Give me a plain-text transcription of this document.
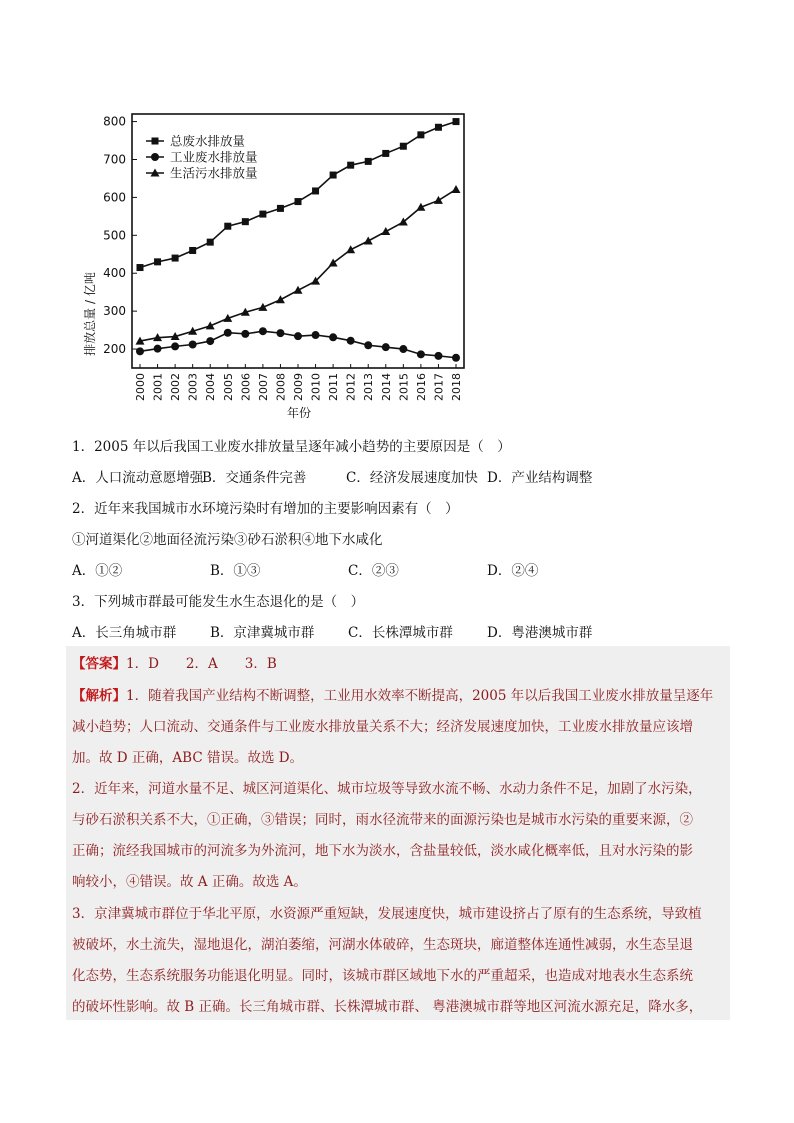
200
300
400
500
600
700
800
2000 2001 2002 2003 2004 2005 2006 2007 2008 2009 2010 2011 2012 2013 2014 2015 2016 2017 2018
总废水排放量
工业废水排放量
生活污水排放量
排放总量 / 亿吨
年份
1．2005 年以后我国工业废水排放量呈逐年减小趋势的主要原因是（　）
A．人口流动意愿增强
B．交通条件完善	C．经济发展速度加快 D．产业结构调整
2．近年来我国城市水环境污染时有增加的主要影响因素有（　）
①河道渠化②地面径流污染③砂石淤积④地下水咸化
A．①②	B．①③	C．②③	D．②④
3．下列城市群最可能发生水生态退化的是（　）
A．长三角城市群	B．京津冀城市群 C．长株潭城市群	D．粤港澳城市群
【答案】1．D　　2．A　　3．B
【解析】1．随着我国产业结构不断调整，工业用水效率不断提高，2005 年以后我国工业废水排放量呈逐年
减小趋势；人口流动、交通条件与工业废水排放量关系不大；经济发展速度加快，工业废水排放量应该增
加。故 D 正确，ABC 错误。故选 D。
2．近年来，河道水量不足、城区河道渠化、城市垃圾等导致水流不畅、水动力条件不足，加剧了水污染，
与砂石淤积关系不大，①正确，③错误；同时，雨水径流带来的面源污染也是城市水污染的重要来源，②
正确；流经我国城市的河流多为外流河，地下水为淡水，含盐量较低，淡水咸化概率低，且对水污染的影
响较小，④错误。故 A 正确。故选 A。
3．京津冀城市群位于华北平原，水资源严重短缺，发展速度快，城市建设挤占了原有的生态系统，导致植
被破坏，水土流失，湿地退化，湖泊萎缩，河湖水体破碎，生态斑块，廊道整体连通性减弱，水生态呈退
化态势，生态系统服务功能退化明显。同时，该城市群区域地下水的严重超采，也造成对地表水生态系统
的破坏性影响。故 B 正确。长三角城市群、长株潭城市群、 粤港澳城市群等地区河流水源充足，降水多，
